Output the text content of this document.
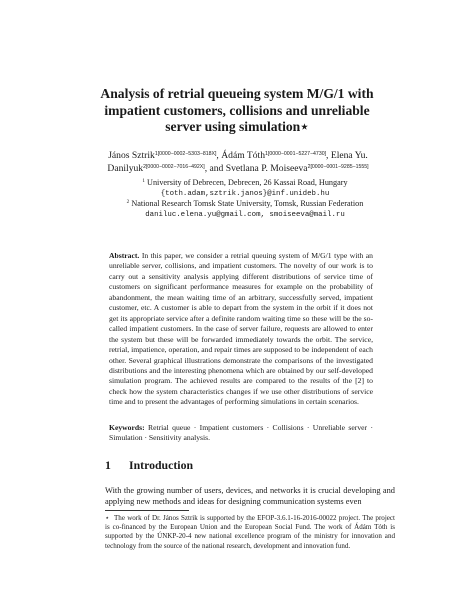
Analysis of retrial queueing system M/G/1 with
impatient customers, collisions and unreliable
server using simulation⋆
János Sztrik$^{1[0000-0002-5303-818X]}$, Ádám Tóth$^{1[0000-0001-5227-4730]}$, Elena Yu.
Danilyuk$^{2[0000-0002-7016-492X]}$, and Svetlana P. Moiseeva$^{2[0000-0001-9285-1555]}$
$^1$ University of Debrecen, Debrecen, 26 Kassai Road, Hungary
{toth.adam,sztrik.janos}@inf.unideb.hu
$^2$ National Research Tomsk State University, Tomsk, Russian Federation
daniluc.elena.yu@gmail.com, smoiseeva@mail.ru
Abstract. In this paper, we consider a retrial queuing system of M/G/1 type with an unreliable server, collisions, and impatient customers. The novelty of our work is to carry out a sensitivity analysis applying different distributions of service time of customers on significant performance measures for example on the probability of abandonment, the mean waiting time of an arbitrary, successfully served, impatient customer, etc. A customer is able to depart from the system in the orbit if it does not get its appropriate service after a definite random waiting time so these will be the so-called impatient customers. In the case of server failure, requests are allowed to enter the system but these will be forwarded immediately towards the orbit. The service, retrial, impatience, operation, and repair times are supposed to be independent of each other. Several graphical illustrations demonstrate the comparisons of the investigated distributions and the interesting phenomena which are obtained by our self-developed simulation program. The achieved results are compared to the results of the [2] to check how the system characteristics changes if we use other distributions of service time and to present the advantages of performing simulations in certain scenarios.
Keywords: Retrial queue · Impatient customers · Collisions · Unreliable server · Simulation · Sensitivity analysis.
1 Introduction
With the growing number of users, devices, and networks it is crucial developing and applying new methods and ideas for designing communication systems even
⋆ The work of Dr. János Sztrik is supported by the EFOP-3.6.1-16-2016-00022 project. The project is co-financed by the European Union and the European Social Fund. The work of Ádám Tóth is supported by the ÚNKP-20-4 new national excellence program of the ministry for innovation and technology from the source of the national research, development and innovation fund.
